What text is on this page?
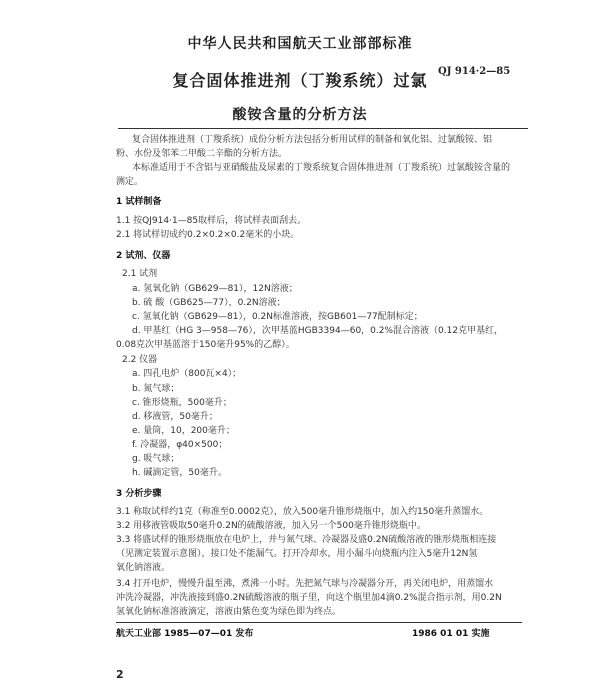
中华人民共和国航天工业部部标准
复合固体推进剂（丁羧系统）过氯	QJ 914·2—85
酸铵含量的分析方法
复合固体推进剂（丁羧系统）成份分析方法包括分析用试样的制备和氧化铝、过氯酸铵、铝
粉、水份及邻苯二甲酸二辛酯的分析方法。
本标准适用于不含铝与亚硝酸盐及尿素的丁羧系统复合固体推进剂（丁羧系统）过氯酸铵含量的
测定。
1 试样制备
1.1 按QJ914·1—85取样后，将试样表面刮去。
2.1 将试样切成约0.2×0.2×0.2毫米的小块。
2 试剂、仪器
2.1 试剂
a. 氢氧化钠（GB629—81），12N溶液；
b. 硫 酸（GB625—77），0.2N溶液；
c. 氢氧化钠（GB629—81），0.2N标准溶液，按GB601—77配制标定；
d. 甲基红（HG 3—958—76），次甲基蓝HGB3394—60，0.2%混合溶液（0.12克甲基红，
0.08克次甲基蓝溶于150毫升95%的乙醇）。
2.2 仪器
a. 四孔电炉（800瓦×4）；
b. 氮气球；
c. 锥形烧瓶，500毫升；
d. 移液管，50毫升；
e. 量筒，10，200毫升；
f. 冷凝器，φ40×500；
g. 吸气球；
h. 碱滴定管，50毫升。
3 分析步骤
3.1 称取试样约1克（称准至0.0002克），放入500毫升锥形烧瓶中，加入约150毫升蒸馏水。
3.2 用移液管吸取50毫升0.2N的硫酸溶液，加入另一个500毫升锥形烧瓶中。
3.3 将盛试样的锥形烧瓶放在电炉上，并与氮气球、冷凝器及盛0.2N硫酸溶液的锥形烧瓶相连接
（见测定装置示意图），接口处不能漏气。打开冷却水，用小漏斗向烧瓶内注入5毫升12N氢
氧化钠溶液。
3.4 打开电炉，慢慢升温至沸，煮沸一小时。先把氮气球与冷凝器分开，再关闭电炉，用蒸馏水
冲洗冷凝器，冲洗液接到盛0.2N硫酸溶液的瓶子里，向这个瓶里加4滴0.2%混合指示剂，用0.2N
氢氧化钠标准溶液滴定，溶液由紫色变为绿色即为终点。
航天工业部 1985—07—01 发布	1986 01 01 实施
2
